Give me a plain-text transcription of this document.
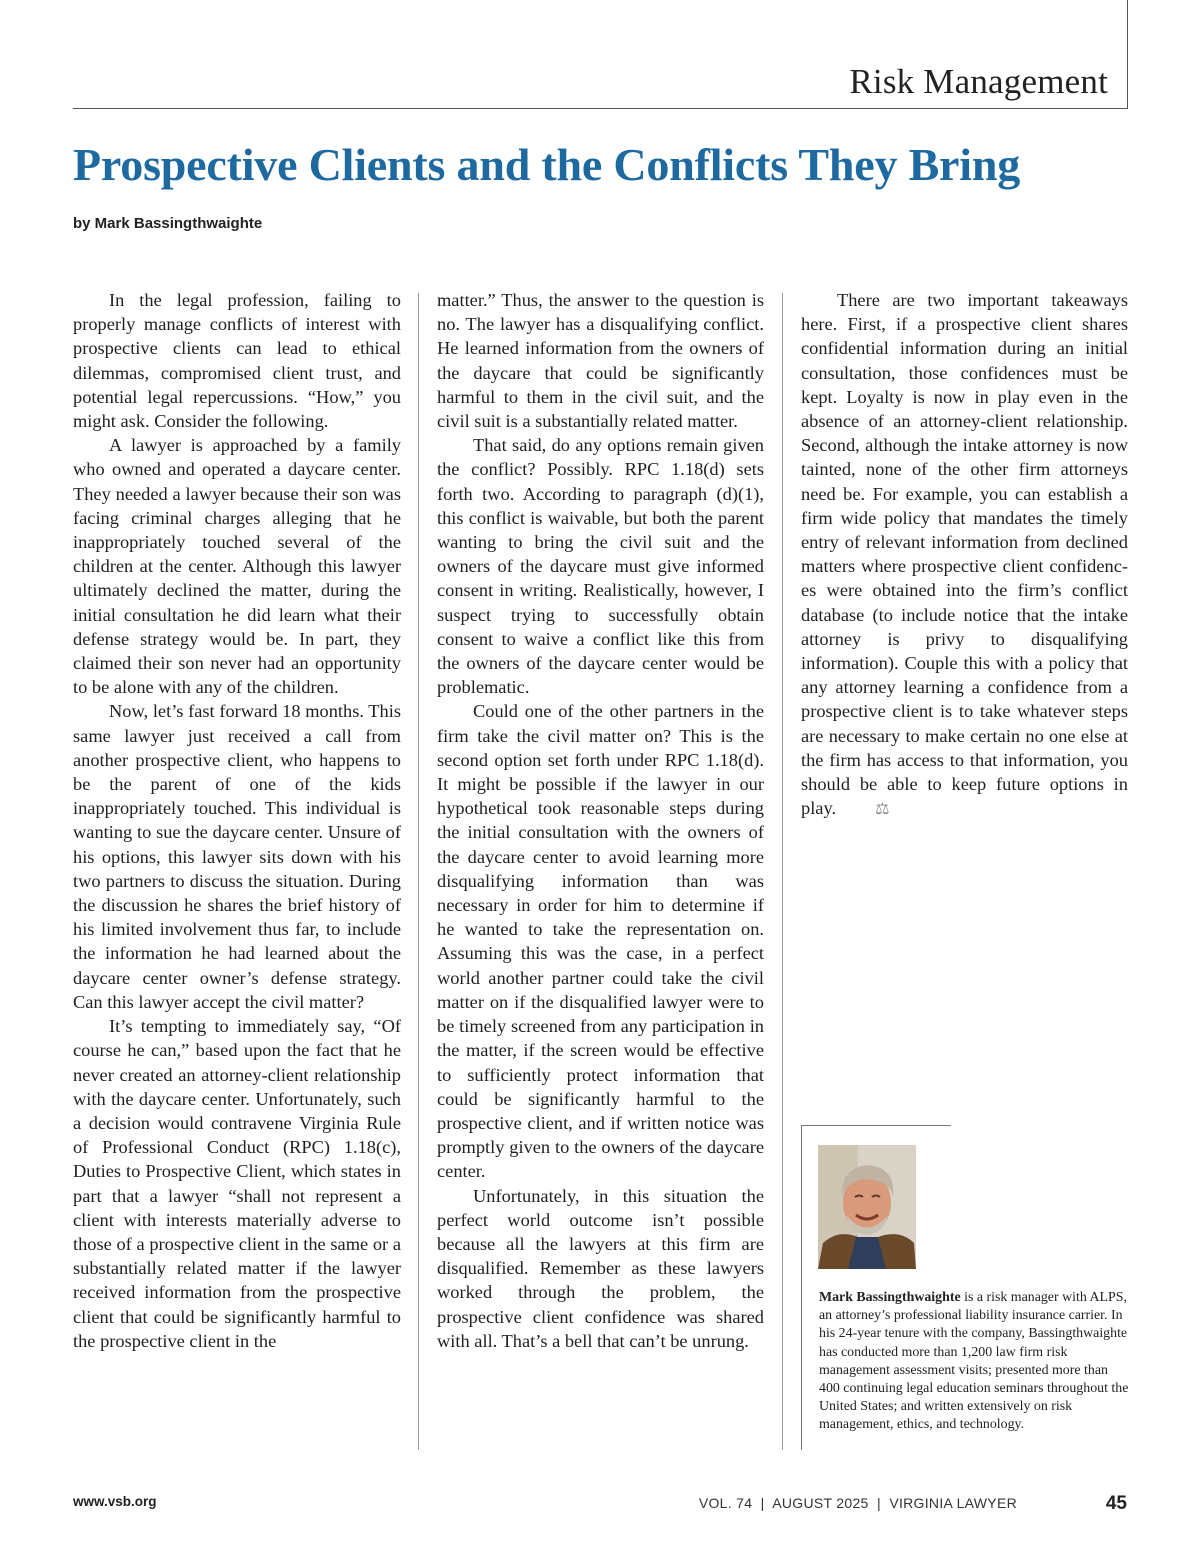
Risk Management
Prospective Clients and the Conflicts They Bring
by Mark Bassingthwaighte

In the legal profession, failing to properly manage conflicts of interest with prospective clients can lead to ethical dilemmas, compromised client trust, and potential legal repercussions. “How,” you might ask. Consider the following.

A lawyer is approached by a family who owned and operated a daycare center. They needed a lawyer because their son was facing criminal charges alleging that he inappropriately touched several of the children at the center. Although this lawyer ultimately declined the matter, during the initial consultation he did learn what their defense strategy would be. In part, they claimed their son never had an opportunity to be alone with any of the children.

Now, let’s fast forward 18 months. This same lawyer just received a call from another prospective client, who happens to be the parent of one of the kids inappropriately touched. This individual is wanting to sue the daycare center. Unsure of his options, this lawyer sits down with his two partners to discuss the situation. During the discussion he shares the brief history of his limited involvement thus far, to include the information he had learned about the daycare center owner’s defense strategy. Can this lawyer accept the civil matter?

It’s tempting to immediately say, “Of course he can,” based upon the fact that he never created an attorney-client relationship with the daycare center. Unfortunately, such a decision would contravene Virginia Rule of Professional Conduct (RPC) 1.18(c), Duties to Prospective Client, which states in part that a lawyer “shall not represent a client with interests materially adverse to those of a prospective client in the same or a substantially related matter if the lawyer received information from the prospective client that could be significantly harmful to the prospective client in the

matter.” Thus, the answer to the question is no. The lawyer has a disqualifying conflict. He learned information from the owners of the daycare that could be significantly harmful to them in the civil suit, and the civil suit is a substantially related matter.

That said, do any options remain given the conflict? Possibly. RPC 1.18(d) sets forth two. According to paragraph (d)(1), this conflict is waivable, but both the parent wanting to bring the civil suit and the owners of the daycare must give informed consent in writing. Realistically, however, I suspect trying to successfully obtain consent to waive a conflict like this from the owners of the daycare center would be problematic.

Could one of the other partners in the firm take the civil matter on? This is the second option set forth under RPC 1.18(d). It might be possible if the lawyer in our hypothetical took reasonable steps during the initial consultation with the owners of the daycare center to avoid learning more disqualifying information than was necessary in order for him to determine if he wanted to take the representation on. Assuming this was the case, in a perfect world another partner could take the civil matter on if the disqualified lawyer were to be timely screened from any participation in the matter, if the screen would be effective to sufficiently protect information that could be significantly harmful to the prospective client, and if written notice was promptly given to the owners of the daycare center.

Unfortunately, in this situation the perfect world outcome isn’t possible because all the lawyers at this firm are disqualified. Remember as these lawyers worked through the problem, the prospective client confidence was shared with all. That’s a bell that can’t be unrung.

There are two important takeaways here. First, if a prospective client shares confidential information during an initial consultation, those confidences must be kept. Loyalty is now in play even in the absence of an attorney-client relationship. Second, although the intake attorney is now tainted, none of the other firm attorneys need be. For example, you can establish a firm wide policy that mandates the timely entry of relevant information from declined matters where prospective client confidences were obtained into the firm’s conflict database (to include notice that the intake attorney is privy to disqualifying information). Couple this with a policy that any attorney learning a confidence from a prospective client is to take whatever steps are necessary to make certain no one else at the firm has access to that information, you should be able to keep future options in play. ⚖

Mark Bassingthwaighte is a risk manager with ALPS, an attorney’s professional liability insurance carrier. In his 24-year tenure with the company, Bassingthwaighte has conducted more than 1,200 law firm risk management assessment visits; presented more than 400 continuing legal education seminars throughout the United States; and written extensively on risk management, ethics, and technology.
www.vsb.org	VOL. 74  |  AUGUST 2025  |  VIRGINIA LAWYER	45
